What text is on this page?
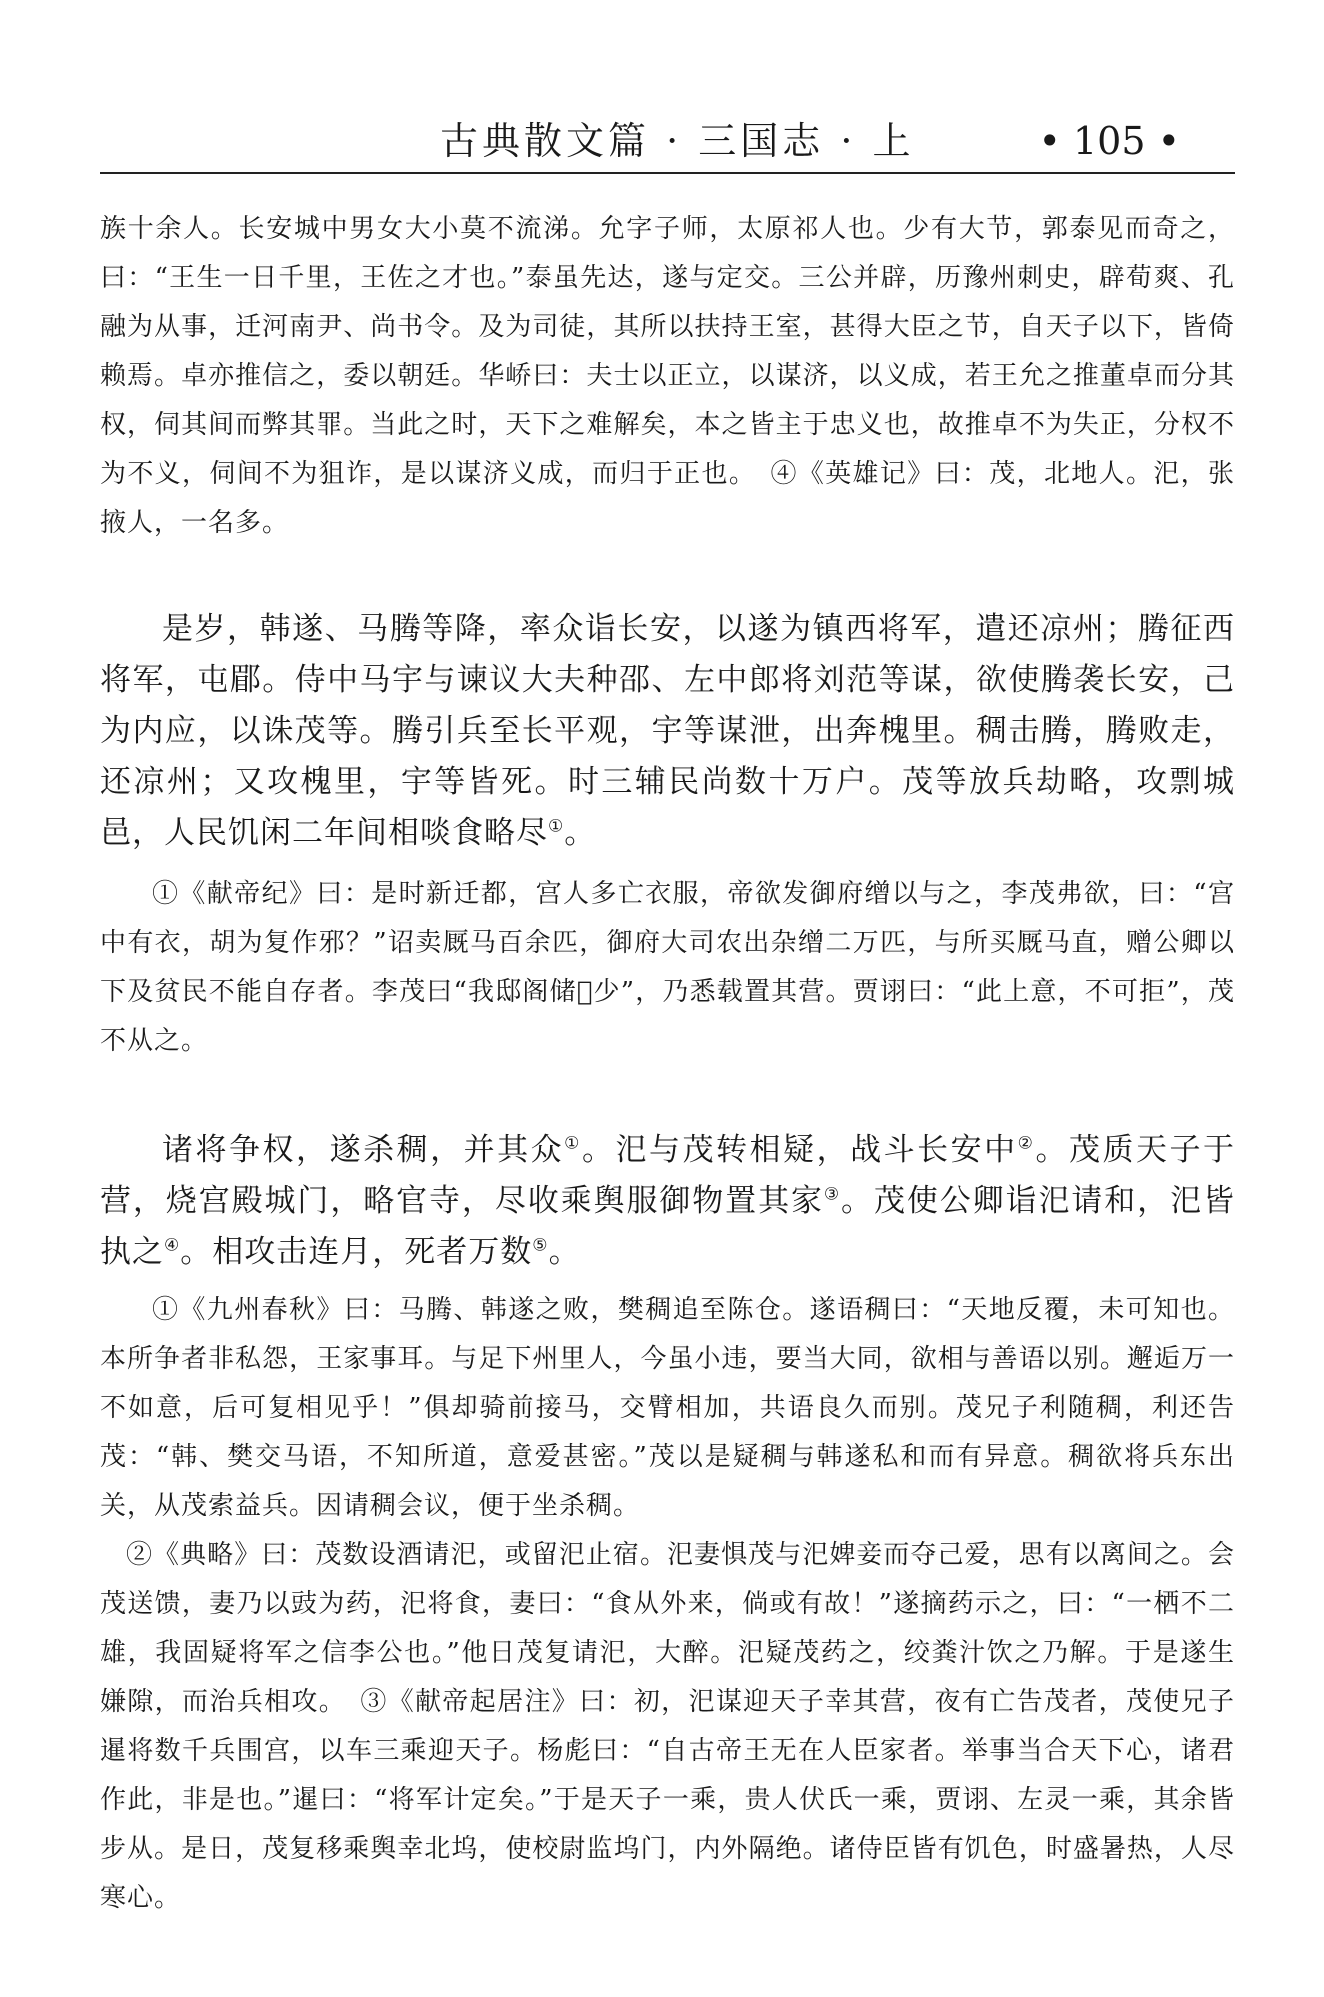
古典散文篇 · 三国志 · 上	• 105 •

族十余人。长安城中男女大小莫不流涕。允字子师，太原祁人也。少有大节，郭泰见而奇之，曰：“王生一日千里，王佐之才也。”泰虽先达，遂与定交。三公并辟，历豫州刺史，辟荀爽、孔融为从事，迁河南尹、尚书令。及为司徒，其所以扶持王室，甚得大臣之节，自天子以下，皆倚赖焉。卓亦推信之，委以朝廷。华峤曰：夫士以正立，以谋济，以义成，若王允之推董卓而分其权，伺其间而弊其罪。当此之时，天下之难解矣，本之皆主于忠义也，故推卓不为失正，分权不为不义，伺间不为狙诈，是以谋济义成，而归于正也。　④《英雄记》曰：茂，北地人。汜，张掖人，一名多。

是岁，韩遂、马腾等降，率众诣长安，以遂为镇西将军，遣还凉州；腾征西将军，屯郿。侍中马宇与谏议大夫种邵、左中郎将刘范等谋，欲使腾袭长安，己为内应，以诛茂等。腾引兵至长平观，宇等谋泄，出奔槐里。稠击腾，腾败走，还凉州；又攻槐里，宇等皆死。时三辅民尚数十万户。茂等放兵劫略，攻剽城邑，人民饥闲二年间相啖食略尽①。

①《献帝纪》曰：是时新迁都，宫人多亡衣服，帝欲发御府缯以与之，李茂弗欲，曰：“宫中有衣，胡为复作邪？”诏卖厩马百余匹，御府大司农出杂缯二万匹，与所买厩马直，赠公卿以下及贫民不能自存者。李茂曰“我邸阁储𫉼少”，乃悉载置其营。贾诩曰：“此上意，不可拒”，茂不从之。

诸将争权，遂杀稠，并其众①。汜与茂转相疑，战斗长安中②。茂质天子于营，烧宫殿城门，略官寺，尽收乘舆服御物置其家③。茂使公卿诣汜请和，汜皆执之④。相攻击连月，死者万数⑤。

①《九州春秋》曰：马腾、韩遂之败，樊稠追至陈仓。遂语稠曰：“天地反覆，未可知也。本所争者非私怨，王家事耳。与足下州里人，今虽小违，要当大同，欲相与善语以别。邂逅万一不如意，后可复相见乎！”俱却骑前接马，交臂相加，共语良久而别。茂兄子利随稠，利还告茂：“韩、樊交马语，不知所道，意爱甚密。”茂以是疑稠与韩遂私和而有异意。稠欲将兵东出关，从茂索益兵。因请稠会议，便于坐杀稠。

②《典略》曰：茂数设酒请汜，或留汜止宿。汜妻惧茂与汜婢妾而夺己爱，思有以离间之。会茂送馈，妻乃以豉为药，汜将食，妻曰：“食从外来，倘或有故！”遂摘药示之，曰：“一栖不二雄，我固疑将军之信李公也。”他日茂复请汜，大醉。汜疑茂药之，绞粪汁饮之乃解。于是遂生嫌隙，而治兵相攻。　③《献帝起居注》曰：初，汜谋迎天子幸其营，夜有亡告茂者，茂使兄子暹将数千兵围宫，以车三乘迎天子。杨彪曰：“自古帝王无在人臣家者。举事当合天下心，诸君作此，非是也。”暹曰：“将军计定矣。”于是天子一乘，贵人伏氏一乘，贾诩、左灵一乘，其余皆步从。是日，茂复移乘舆幸北坞，使校尉监坞门，内外隔绝。诸侍臣皆有饥色，时盛暑热，人尽寒心。
